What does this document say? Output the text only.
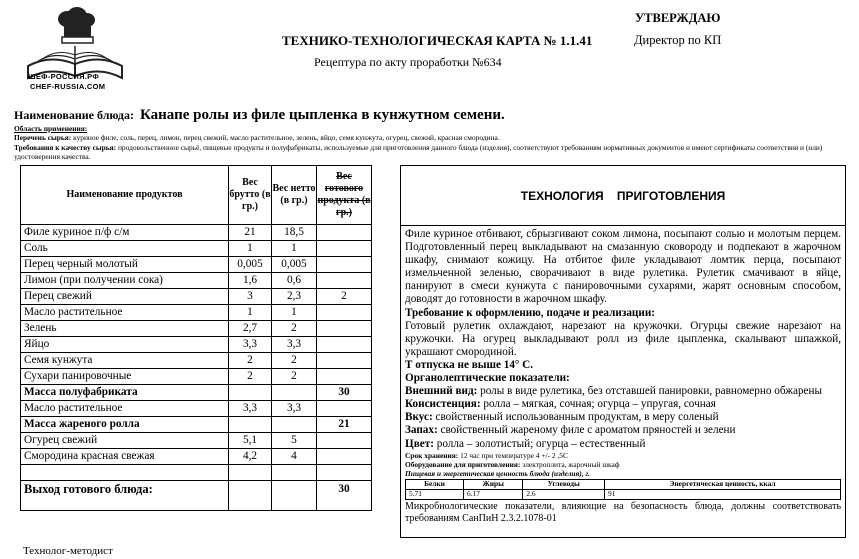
ШЕФ-РОССИЯ.РФ
CHEF-RUSSIA.COM
ТЕХНИКО-ТЕХНОЛОГИЧЕСКАЯ КАРТА № 1.1.41
Рецептура по акту проработки №634
УТВЕРЖДАЮ
Директор по КП
Наименование блюда: Канапе ролы из филе цыпленка в кунжутном семени.
Область применения:
Перечень сырья: куриное филе, соль, перец, лимон, перец свежий, масло растительное, зелень, яйцо, семя кунжута, огурец, свежий, красная смородина.
Требования к качеству сырья: продовольственное сырьё, пищевые продукты и полуфабрикаты, используемые для приготовления данного блюда (изделия), соответствуют требованиям нормативных документов и имеют сертификаты соответствия и (или) удостоверения качества.
Наименование продуктов	Вес брутто (в гр.)	Вес нетто (в гр.)	Вес готового продукта (в гр.)
Филе куриное п/ф с/м	21	18,5	
Соль	1	1	
Перец черный молотый	0,005	0,005	
Лимон (при получении сока)	1,6	0,6	
Перец свежий	3	2,3	2
Масло растительное	1	1	
Зелень	2,7	2	
Яйцо	3,3	3,3	
Семя кунжута	2	2	
Сухари панировочные	2	2	
Масса полуфабриката			30
Масло растительное	3,3	3,3	
Масса жареного ролла			21
Огурец свежий	5,1	5	
Смородина красная свежая	4,2	4	

Выход готового блюда:			30
ТЕХНОЛОГИЯ ПРИГОТОВЛЕНИЯ

Филе куриное отбивают, сбрызгивают соком лимона, посыпают солью и молотым перцем. Подготовленный перец выкладывают на смазанную сковороду и подпекают в жарочном шкафу, снимают кожицу. На отбитое филе укладывают ломтик перца, посыпают измельченной зеленью, сворачивают в виде рулетика. Рулетик смачивают в яйце, панируют в смеси кунжута с панировочными сухарями, жарят основным способом, доводят до готовности в жарочном шкафу.

Требование к оформлению, подаче и реализации:

Готовый рулетик охлаждают, нарезают на кружочки. Огурцы свежие нарезают на кружочки. На огурец выкладывают ролл из филе цыпленка, скалывают шпажкой, украшают смородиной.

Т отпуска не выше 14° С.

Органолептические показатели:

Внешний вид: ролы в виде рулетика, без отставшей панировки, равномерно обжарены

Консистенция: ролла – мягкая, сочная; огурца – упругая, сочная

Вкус: свойственный использованным продуктам, в меру соленый

Запах: свойственный жареному филе с ароматом пряностей и зелени

Цвет: ролла – золотистый; огурца – естественный

Срок хранения: 12 час при температуре 4 +/- 2 ,5С

Оборудование для приготовления: электроплита, жарочный шкаф

Пищевая и энергетическая ценность блюда (изделия), г.

Белки	Жиры	Углеводы	Энергетическая ценность, ккал
5.71	6.17	2.6	91

Микробиологические показатели, влияющие на безопасность блюда, должны соответствовать требованиям СанПиН 2.3.2.1078-01

Технолог-методист
